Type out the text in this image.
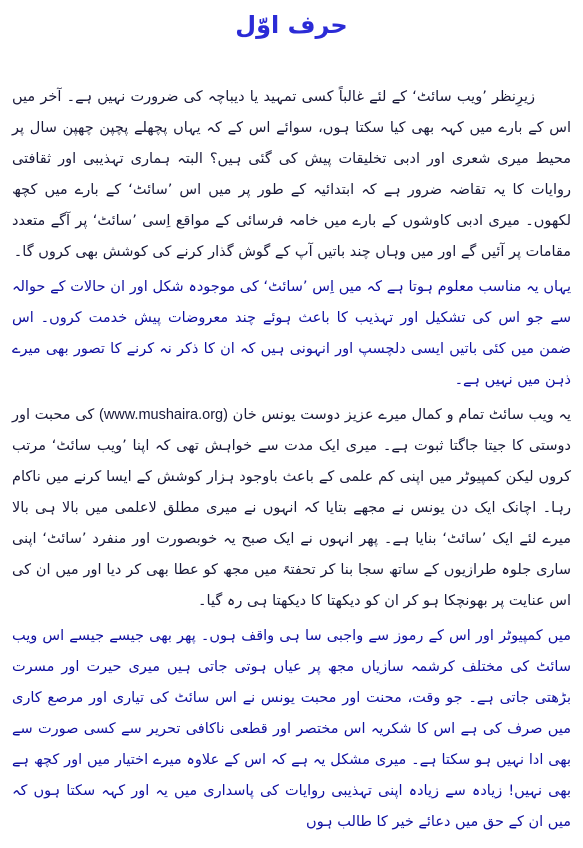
حرف اوّل

زیرِنظر ’ویب سائٹ‘ کے لئے غالباً کسی تمہید یا دیباچہ کی ضرورت نہیں ہے۔ آخر میں اس کے بارے میں کہہ بھی کیا سکتا ہوں، سوائے اس کے کہ یہاں پچھلے پچپن چھپن سال پر محیط میری شعری اور ادبی تخلیقات پیش کی گئی ہیں؟ البتہ ہماری تہذیبی اور ثقافتی روایات کا یہ تقاضہ ضرور ہے کہ ابتدائیہ کے طور پر میں اس ’سائٹ‘ کے بارے میں کچھ لکھوں۔ میری ادبی کاوشوں کے بارے میں خامہ فرسائی کے مواقع اِسی ’سائٹ‘ پر آگے متعدد مقامات پر آئیں گے اور میں وہاں چند باتیں آپ کے گوش گذار کرنے کی کوشش بھی کروں گا۔

یہاں یہ مناسب معلوم ہوتا ہے کہ میں اِس ’سائٹ‘ کی موجودہ شکل اور ان حالات کے حوالہ سے جو اس کی تشکیل اور تہذیب کا باعث ہوئے چند معروضات پیش خدمت کروں۔ اس ضمن میں کئی باتیں ایسی دلچسپ اور انہونی ہیں کہ ان کا ذکر نہ کرنے کا تصور بھی میرے ذہن میں نہیں ہے۔

یہ ویب سائٹ تمام و کمال میرے عزیز دوست یونس خان (www.mushaira.org) کی محبت اور دوستی کا جیتا جاگتا ثبوت ہے۔ میری ایک مدت سے خواہش تھی کہ اپنا ’ویب سائٹ‘ مرتب کروں لیکن کمپیوٹر میں اپنی کم علمی کے باعث باوجود ہزار کوشش کے ایسا کرنے میں ناکام رہا۔ اچانک ایک دن یونس نے مجھے بتایا کہ انہوں نے میری مطلق لاعلمی میں بالا ہی بالا میرے لئے ایک ’سائٹ‘ بنایا ہے۔ پھر انہوں نے ایک صبح یہ خوبصورت اور منفرد ’سائٹ‘ اپنی ساری جلوہ طرازیوں کے ساتھ سجا بنا کر تحفتہً میں مجھ کو عطا بھی کر دیا اور میں ان کی اس عنایت پر بھونچکا ہو کر ان کو دیکھتا کا دیکھتا ہی رہ گیا۔

میں کمپیوٹر اور اس کے رموز سے واجبی سا ہی واقف ہوں۔ پھر بھی جیسے جیسے اس ویب سائٹ کی مختلف کرشمہ سازیاں مجھ پر عیاں ہوتی جاتی ہیں میری حیرت اور مسرت بڑھتی جاتی ہے۔ جو وقت، محنت اور محبت یونس نے اس سائٹ کی تیاری اور مرصع کاری میں صرف کی ہے اس کا شکریہ اس مختصر اور قطعی ناکافی تحریر سے کسی صورت سے بھی ادا نہیں ہو سکتا ہے۔ میری مشکل یہ ہے کہ اس کے علاوہ میرے اختیار میں اور کچھ ہے بھی نہیں! زیادہ سے زیادہ اپنی تہذیبی روایات کی پاسداری میں یہ اور کہہ سکتا ہوں کہ میں ان کے حق میں دعائے خیر کا طالب ہوں
